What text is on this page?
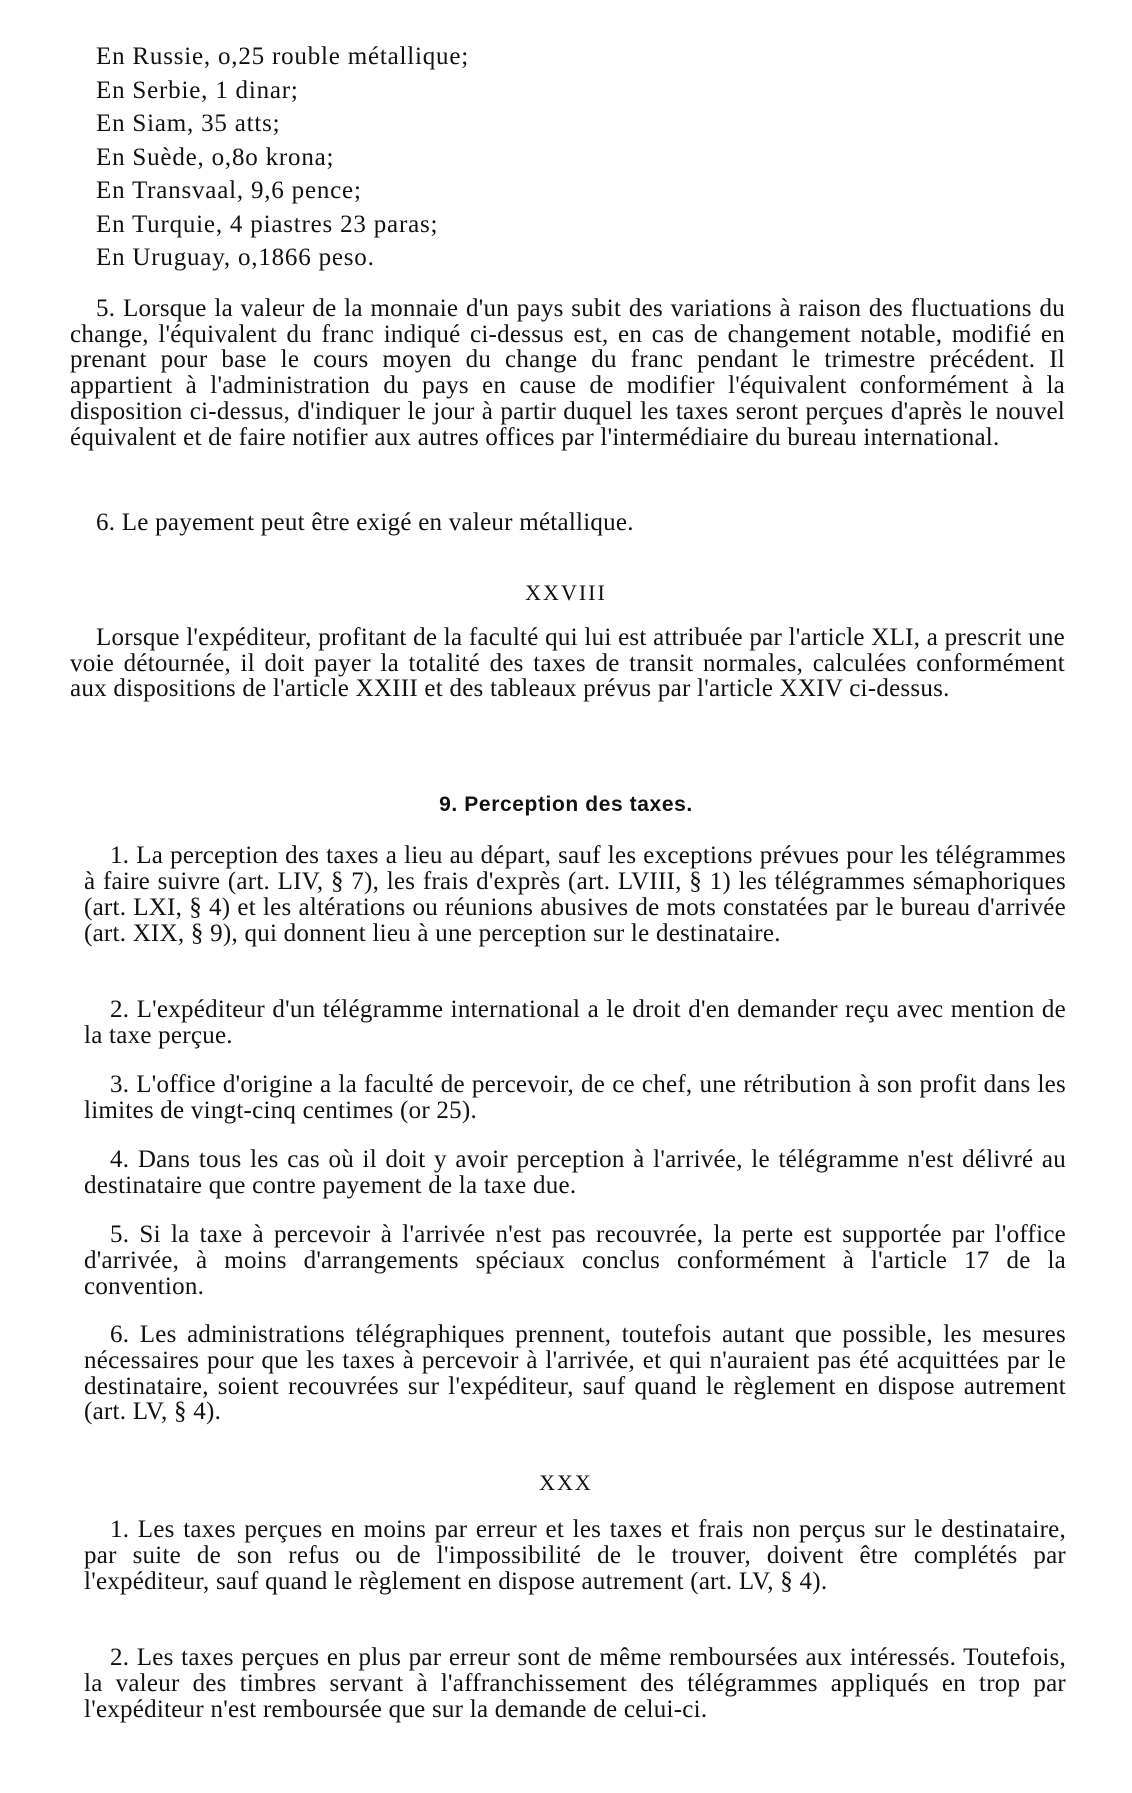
En Russie, o,25 rouble métallique;
En Serbie, 1 dinar;
En Siam, 35 atts;
En Suède, o,8o krona;
En Transvaal, 9,6 pence;
En Turquie, 4 piastres 23 paras;
En Uruguay, o,1866 peso.

5. Lorsque la valeur de la monnaie d'un pays subit des variations à raison des fluctuations du change, l'équivalent du franc indiqué ci-dessus est, en cas de changement notable, modifié en prenant pour base le cours moyen du change du franc pendant le trimestre précédent. Il appartient à l'administration du pays en cause de modifier l'équivalent conformément à la disposition ci-dessus, d'indiquer le jour à partir duquel les taxes seront perçues d'après le nouvel équivalent et de faire notifier aux autres offices par l'intermédiaire du bureau international.

6. Le payement peut être exigé en valeur métallique.

XXVIII

Lorsque l'expéditeur, profitant de la faculté qui lui est attribuée par l'article XLI, a prescrit une voie détournée, il doit payer la totalité des taxes de transit normales, calculées conformément aux dispositions de l'article XXIII et des tableaux prévus par l'article XXIV ci-dessus.

9. Perception des taxes.

1. La perception des taxes a lieu au départ, sauf les exceptions prévues pour les télégrammes à faire suivre (art. LIV, § 7), les frais d'exprès (art. LVIII, § 1) les télégrammes sémaphoriques (art. LXI, § 4) et les altérations ou réunions abusives de mots constatées par le bureau d'arrivée (art. XIX, § 9), qui donnent lieu à une perception sur le destinataire.

2. L'expéditeur d'un télégramme international a le droit d'en demander reçu avec mention de la taxe perçue.

3. L'office d'origine a la faculté de percevoir, de ce chef, une rétribution à son profit dans les limites de vingt-cinq centimes (or 25).

4. Dans tous les cas où il doit y avoir perception à l'arrivée, le télégramme n'est délivré au destinataire que contre payement de la taxe due.

5. Si la taxe à percevoir à l'arrivée n'est pas recouvrée, la perte est supportée par l'office d'arrivée, à moins d'arrangements spéciaux conclus conformément à l'article 17 de la convention.

6. Les administrations télégraphiques prennent, toutefois autant que possible, les mesures nécessaires pour que les taxes à percevoir à l'arrivée, et qui n'auraient pas été acquittées par le destinataire, soient recouvrées sur l'expéditeur, sauf quand le règlement en dispose autrement (art. LV, § 4).

XXX

1. Les taxes perçues en moins par erreur et les taxes et frais non perçus sur le destinataire, par suite de son refus ou de l'impossibilité de le trouver, doivent être complétés par l'expéditeur, sauf quand le règlement en dispose autrement (art. LV, § 4).

2. Les taxes perçues en plus par erreur sont de même remboursées aux intéressés. Toutefois, la valeur des timbres servant à l'affranchissement des télégrammes appliqués en trop par l'expéditeur n'est remboursée que sur la demande de celui-ci.
